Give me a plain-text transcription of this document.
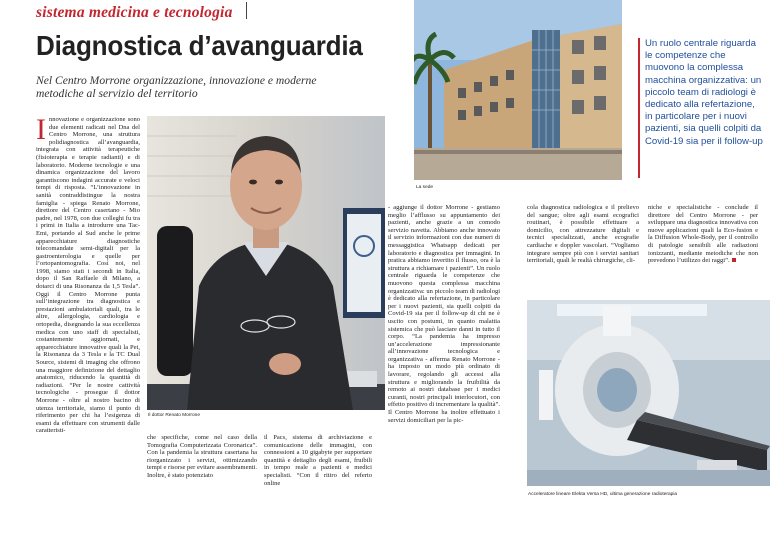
sistema medicina e tecnologia
Diagnostica d’avanguardia
Nel Centro Morrone organizzazione, innovazione e moderne metodiche al servizio del territorio
Innovazione e organizzazione sono due elementi radicati nel Dna del Centro Morrone, una struttura polidiagnostica all’avanguardia, integrata con attività terapeutiche (fisioterapia e terapie radianti) e di laboratorio. Moderne tecnologie e una dinamica organizzazione del lavoro garantiscono indagini accurate e veloci tempi di risposta. “L’innovazione in sanità contraddistingue la nostra famiglia - spiega Renato Morrone, direttore del Centro casertano - Mio padre, nel 1978, con due colleghi fu tra i primi in Italia a introdurre una Tac-Emi, portando al Sud anche le prime apparecchiature diagnostiche telecomandate semi-digitali per la gastroenterologia e quelle per l’ortopantomografia. Così noi, nel 1998, siamo stati i secondi in Italia, dopo il San Raffaele di Milano, a dotarci di una Risonanza da 1,5 Tesla”. Oggi il Centro Morrone punta sull’integrazione tra diagnostica e prestazioni ambulatoriali quali, tra le altre, allergologia, cardiologia e ortopedia, disegnando la sua eccellenza medica con uno staff di specialisti, costantemente aggiornati, e apparecchiature innovative quali la Pet, la Risonanza da 3 Tesla e la TC Dual Source, sistemi di imaging che offrono una maggiore definizione del dettaglio anatomico, riducendo la quantità di radiazioni. “Per le nostre cattività tecnologiche - prosegue il dottor Morrone - oltre al nostro bacino di utenza territoriale, siamo il punto di riferimento per chi ha l’esigenza di esami da effettuare con strumenti dalle caratteristi-
Il dottor Renato Morrone
che specifiche, come nel caso della Tomografia Computerizzata Coronarica”. Con la pandemia la struttura casertana ha riorganizzato i servizi, ottimizzando tempi e risorse per evitare assembramenti. Inoltre, è stato potenziato
il Pacs, sistema di archiviazione e comunicazione delle immagini, con connessioni a 10 gigabyte per supportare quantità e dettaglio degli esami, fruibili in tempo reale a pazienti e medici specialisti. “Con il ritiro del referto online
- aggiunge il dottor Morrone - gestiamo meglio l’afflusso su appuntamento dei pazienti, anche grazie a un comodo servizio navetta. Abbiamo anche innovato il servizio informazioni con due numeri di messaggistica Whatsapp dedicati per laboratorio e diagnostica per immagini. In pratica abbiamo invertito il flusso, ora è la struttura a richiamare i pazienti”. Un ruolo centrale riguarda le competenze che muovono questa complessa macchina organizzativa: un piccolo team di radiologi è dedicato alla refertazione, in particolare per i nuovi pazienti, sia quelli colpiti da Covid-19 sia per il follow-up di chi ne è uscito con postumi, in quanto malattia sistemica che può lasciare danni in tutto il corpo. “La pandemia ha impresso un’accelerazione impressionante all’innovazione tecnologica e organizzativa - afferma Renato Morrone - ha imposto un modo più ordinato di lavorare, regolando gli accessi alla struttura e migliorando la fruibilità da remoto ai nostri database per i medici curanti, nostri principali interlocutori, con effetto positivo di incrementare la qualità”. Il Centro Morrone ha inoltre effettuato i servizi domiciliari per la pic-
La sede
Un ruolo centrale riguarda le competenze che muovono la complessa macchina organizzativa: un piccolo team di radiologi è dedicato alla refertazione, in particolare per i nuovi pazienti, sia quelli colpiti da Covid-19 sia per il follow-up
cola diagnostica radiologica e il prelievo del sangue; oltre agli esami ecografici routinari, è possibile effettuare a domicilio, con attrezzature digitali e tecnici specializzati, anche ecografie cardiache e doppler vascolari. “Vogliamo integrare sempre più con i servizi sanitari territoriali, quali le realtà chirurgiche, cli-
niche e specialistiche - conclude il direttore del Centro Morrone - per sviluppare una diagnostica innovativa con nuove applicazioni quali la Eco-fusion e la Diffusion Whole-Body, per il controllo di patologie sensibili alle radiazioni ionizzanti, mediante metodiche che non prevedono l’utilizzo dei raggi”.
Acceleratore lineare Elekta Versa HD, ultima generazione radioterapia
